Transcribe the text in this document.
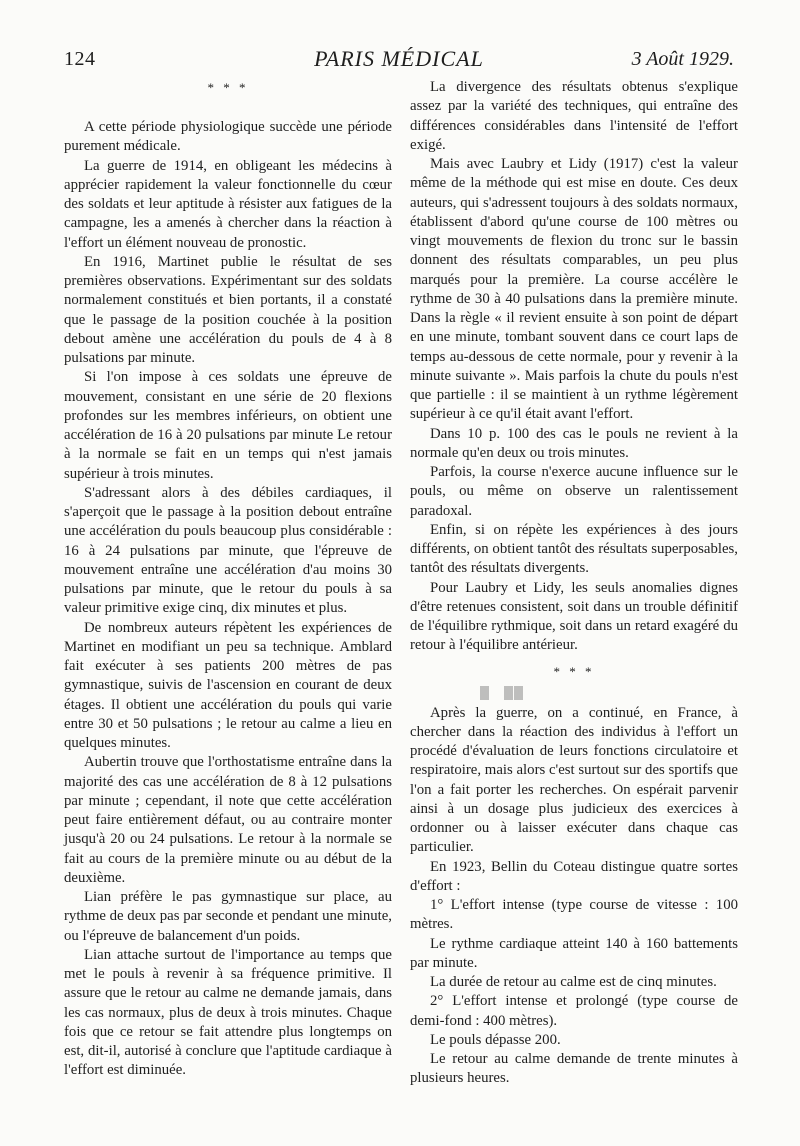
124	PARIS MÉDICAL	3 Août 1929.
* * *

A cette période physiologique succède une période purement médicale.

La guerre de 1914, en obligeant les médecins à apprécier rapidement la valeur fonctionnelle du cœur des soldats et leur aptitude à résister aux fatigues de la campagne, les a amenés à chercher dans la réaction à l'effort un élément nouveau de pronostic.

En 1916, Martinet publie le résultat de ses premières observations. Expérimentant sur des soldats normalement constitués et bien portants, il a constaté que le passage de la position couchée à la position debout amène une accélération du pouls de 4 à 8 pulsations par minute.

Si l'on impose à ces soldats une épreuve de mouvement, consistant en une série de 20 flexions profondes sur les membres inférieurs, on obtient une accélération de 16 à 20 pulsations par minute Le retour à la normale se fait en un temps qui n'est jamais supérieur à trois minutes.

S'adressant alors à des débiles cardiaques, il s'aperçoit que le passage à la position debout entraîne une accélération du pouls beaucoup plus considérable : 16 à 24 pulsations par minute, que l'épreuve de mouvement entraîne une accélération d'au moins 30 pulsations par minute, que le retour du pouls à sa valeur primitive exige cinq, dix minutes et plus.

De nombreux auteurs répètent les expériences de Martinet en modifiant un peu sa technique. Amblard fait exécuter à ses patients 200 mètres de pas gymnastique, suivis de l'ascension en courant de deux étages. Il obtient une accélération du pouls qui varie entre 30 et 50 pulsations ; le retour au calme a lieu en quelques minutes.

Aubertin trouve que l'orthostatisme entraîne dans la majorité des cas une accélération de 8 à 12 pulsations par minute ; cependant, il note que cette accélération peut faire entièrement défaut, ou au contraire monter jusqu'à 20 ou 24 pulsations. Le retour à la normale se fait au cours de la première minute ou au début de la deuxième.

Lian préfère le pas gymnastique sur place, au rythme de deux pas par seconde et pendant une minute, ou l'épreuve de balancement d'un poids.

Lian attache surtout de l'importance au temps que met le pouls à revenir à sa fréquence primitive. Il assure que le retour au calme ne demande jamais, dans les cas normaux, plus de deux à trois minutes. Chaque fois que ce retour se fait attendre plus longtemps on est, dit-il, autorisé à conclure que l'aptitude cardiaque à l'effort est diminuée.

La divergence des résultats obtenus s'explique assez par la variété des techniques, qui entraîne des différences considérables dans l'intensité de l'effort exigé.

Mais avec Laubry et Lidy (1917) c'est la valeur même de la méthode qui est mise en doute. Ces deux auteurs, qui s'adressent toujours à des soldats normaux, établissent d'abord qu'une course de 100 mètres ou vingt mouvements de flexion du tronc sur le bassin donnent des résultats comparables, un peu plus marqués pour la première. La course accélère le rythme de 30 à 40 pulsations dans la première minute. Dans la règle « il revient ensuite à son point de départ en une minute, tombant souvent dans ce court laps de temps au-dessous de cette normale, pour y revenir à la minute suivante ». Mais parfois la chute du pouls n'est que partielle : il se maintient à un rythme légèrement supérieur à ce qu'il était avant l'effort.

Dans 10 p. 100 des cas le pouls ne revient à la normale qu'en deux ou trois minutes.

Parfois, la course n'exerce aucune influence sur le pouls, ou même on observe un ralentissement paradoxal.

Enfin, si on répète les expériences à des jours différents, on obtient tantôt des résultats superposables, tantôt des résultats divergents.

Pour Laubry et Lidy, les seuls anomalies dignes d'être retenues consistent, soit dans un trouble définitif de l'équilibre rythmique, soit dans un retard exagéré du retour à l'équilibre antérieur.

* * *

Après la guerre, on a continué, en France, à chercher dans la réaction des individus à l'effort un procédé d'évaluation de leurs fonctions circulatoire et respiratoire, mais alors c'est surtout sur des sportifs que l'on a fait porter les recherches. On espérait parvenir ainsi à un dosage plus judicieux des exercices à ordonner ou à laisser exécuter dans chaque cas particulier.

En 1923, Bellin du Coteau distingue quatre sortes d'effort :

1° L'effort intense (type course de vitesse : 100 mètres.

Le rythme cardiaque atteint 140 à 160 battements par minute.

La durée de retour au calme est de cinq minutes.

2° L'effort intense et prolongé (type course de demi-fond : 400 mètres).

Le pouls dépasse 200.

Le retour au calme demande de trente minutes à plusieurs heures.
